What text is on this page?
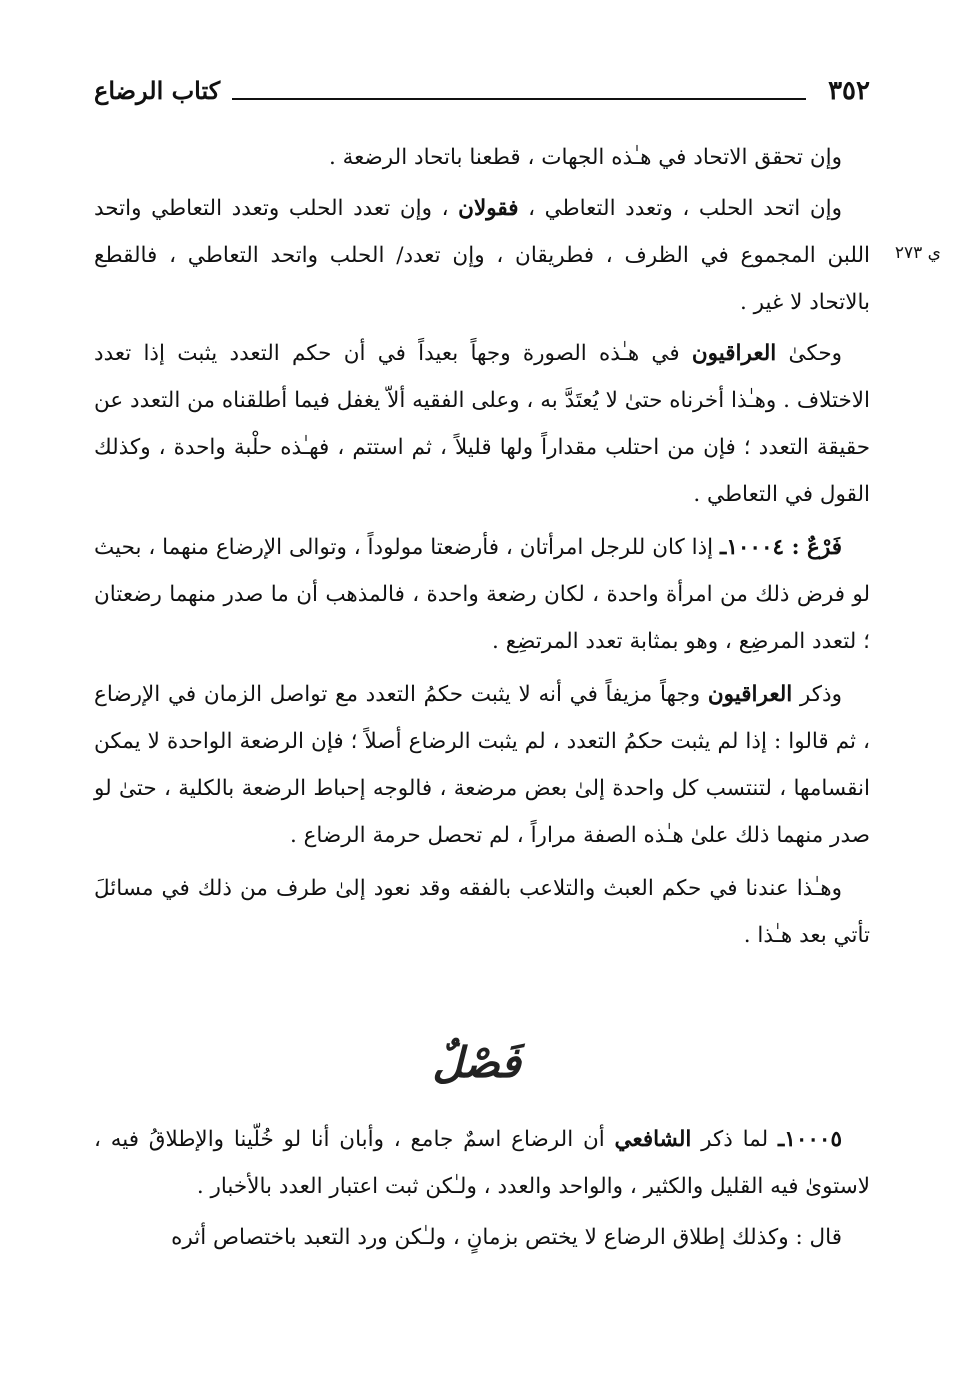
٣٥٢
كتاب الرضاع
ي ٢٧٣

وإن تحقق الاتحاد في هـٰذه الجهات ، قطعنا باتحاد الرضعة .

وإن اتحد الحلب ، وتعدد التعاطي ، فقولان ، وإن تعدد الحلب وتعدد التعاطي واتحد اللبن المجموع في الظرف ، فطريقان ، وإن تعدد/ الحلب واتحد التعاطي ، فالقطع بالاتحاد لا غير .

وحكىٰ العراقيون في هـٰذه الصورة وجهاً بعيداً في أن حكم التعدد يثبت إذا تعدد الاختلاف . وهـٰذا أخرناه حتىٰ لا يُعتَدَّ به ، وعلى الفقيه ألاّ يغفل فيما أطلقناه من التعدد عن حقيقة التعدد ؛ فإن من احتلب مقداراً ولها قليلاً ، ثم استتم ، فهـٰذه حلْبة واحدة ، وكذلك القول في التعاطي .

فَرْعٌ : ١٠٠٠٤ـ إذا كان للرجل امرأتان ، فأرضعتا مولوداً ، وتوالى الإرضاع منهما ، بحيث لو فرض ذلك من امرأة واحدة ، لكان رضعة واحدة ، فالمذهب أن ما صدر منهما رضعتان ؛ لتعدد المرضِع ، وهو بمثابة تعدد المرتضِع .

وذكر العراقيون وجهاً مزيفاً في أنه لا يثبت حكمُ التعدد مع تواصل الزمان في الإرضاع ، ثم قالوا : إذا لم يثبت حكمُ التعدد ، لم يثبت الرضاع أصلاً ؛ فإن الرضعة الواحدة لا يمكن انقسامها ، لتنتسب كل واحدة إلىٰ بعض مرضعة ، فالوجه إحباط الرضعة بالكلية ، حتىٰ لو صدر منهما ذلك علىٰ هـٰذه الصفة مراراً ، لم تحصل حرمة الرضاع .

وهـٰذا عندنا في حكم العبث والتلاعب بالفقه وقد نعود إلىٰ طرف من ذلك في مسائلَ تأتي بعد هـٰذا .

فَصْلٌ

١٠٠٠٥ـ لما ذكر الشافعي أن الرضاع اسمٌ جامع ، وأبان أنا لو خُلّينا والإطلاقُ فيه ، لاستوىٰ فيه القليل والكثير ، والواحد والعدد ، ولـٰكن ثبت اعتبار العدد بالأخبار .

قال : وكذلك إطلاق الرضاع لا يختص بزمانٍ ، ولـٰكن ورد التعبد باختصاص أثره
